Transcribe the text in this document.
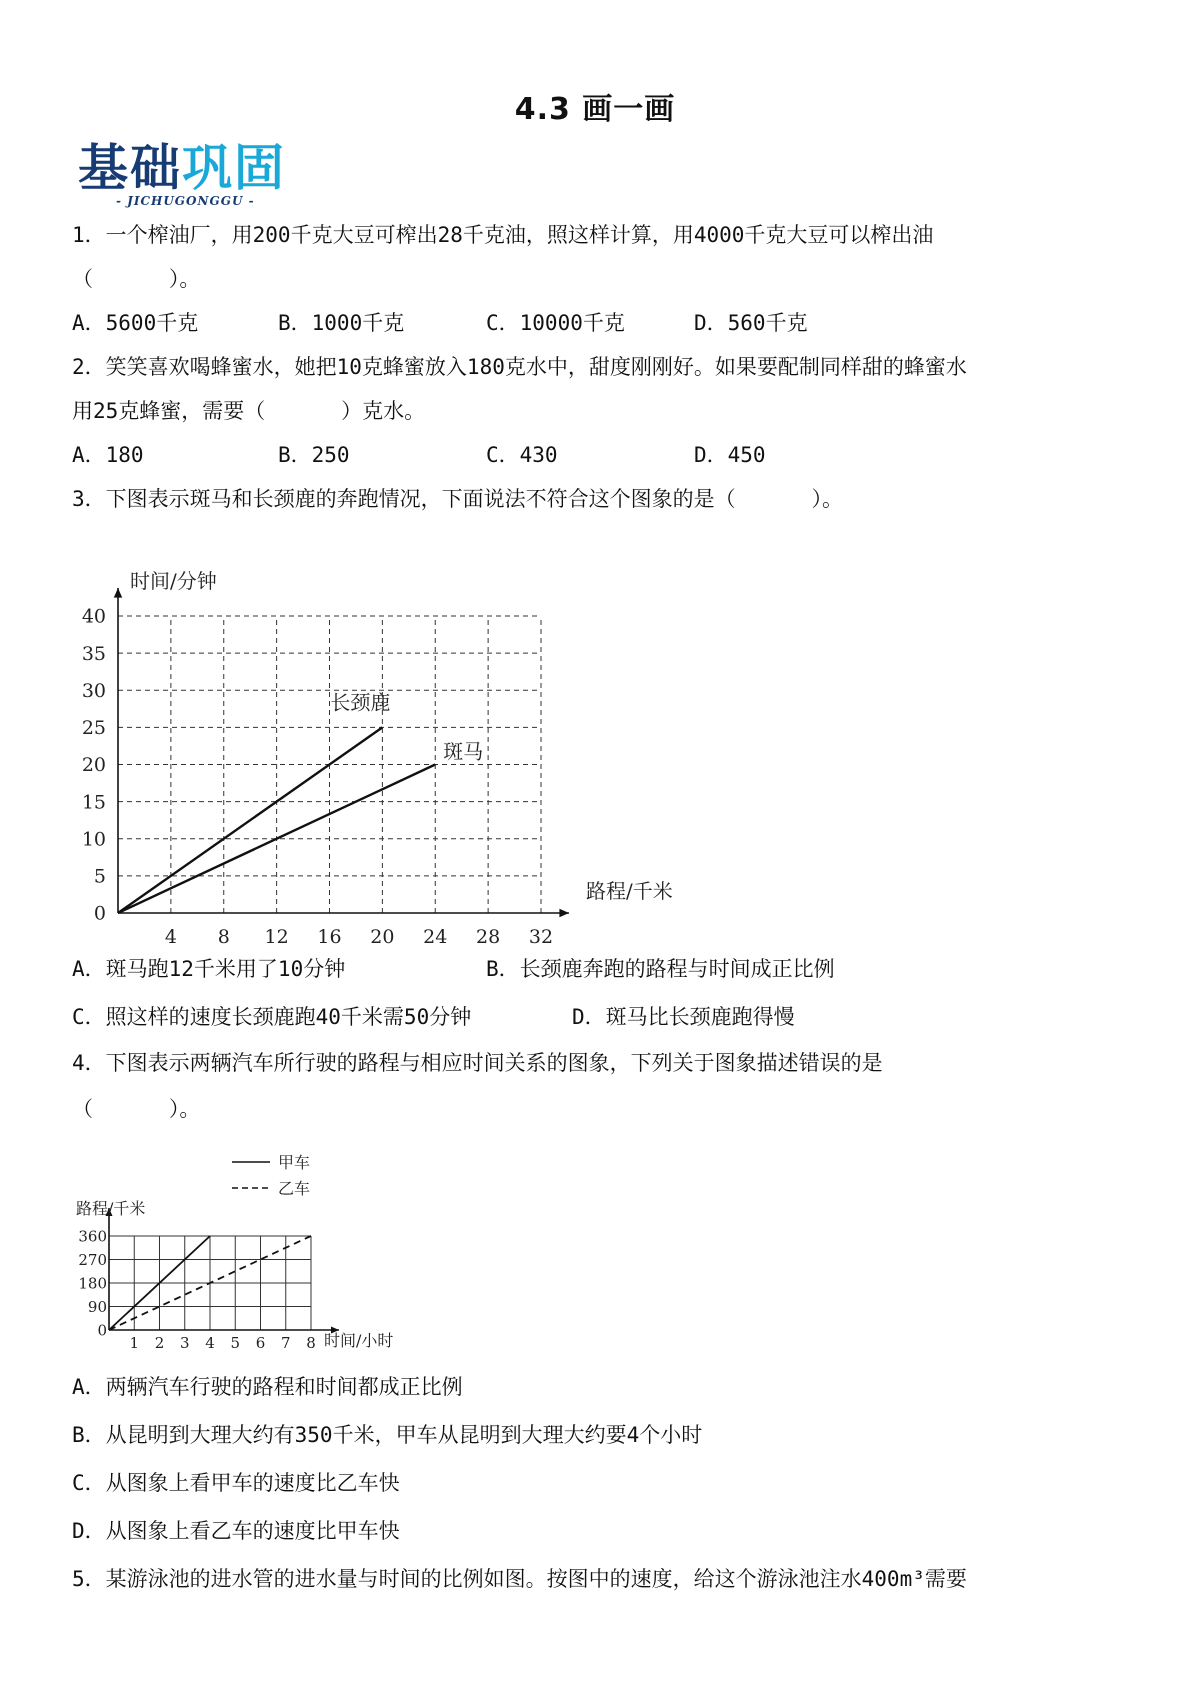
4.3 画一画
基础巩固
- JICHUGONGGU -
1．一个榨油厂，用200千克大豆可榨出28千克油，照这样计算，用4000千克大豆可以榨出油
（      ）。
A．5600千克	B．1000千克	C．10000千克	D．560千克
2．笑笑喜欢喝蜂蜜水，她把10克蜂蜜放入180克水中，甜度刚刚好。如果要配制同样甜的蜂蜜水
用25克蜂蜜，需要（      ）克水。
A．180	B．250	C．430	D．450
3．下图表示斑马和长颈鹿的奔跑情况，下面说法不符合这个图象的是（      ）。
4 8 12 16 20 24 28 32
0
5
10
15
20
25
30
35
40
路程/千米
时间/分钟
长颈鹿
斑马
A．斑马跑12千米用了10分钟	B．长颈鹿奔跑的路程与时间成正比例
C．照这样的速度长颈鹿跑40千米需50分钟	D．斑马比长颈鹿跑得慢
4．下图表示两辆汽车所行驶的路程与相应时间关系的图象，下列关于图象描述错误的是
（      ）。
1 2 3 4 5 6 7 8
0
90
180
270
360
时间/小时
路程/千米
甲车
乙车
A．两辆汽车行驶的路程和时间都成正比例
B．从昆明到大理大约有350千米，甲车从昆明到大理大约要4个小时
C．从图象上看甲车的速度比乙车快
D．从图象上看乙车的速度比甲车快
5．某游泳池的进水管的进水量与时间的比例如图。按图中的速度，给这个游泳池注水400m³需要
